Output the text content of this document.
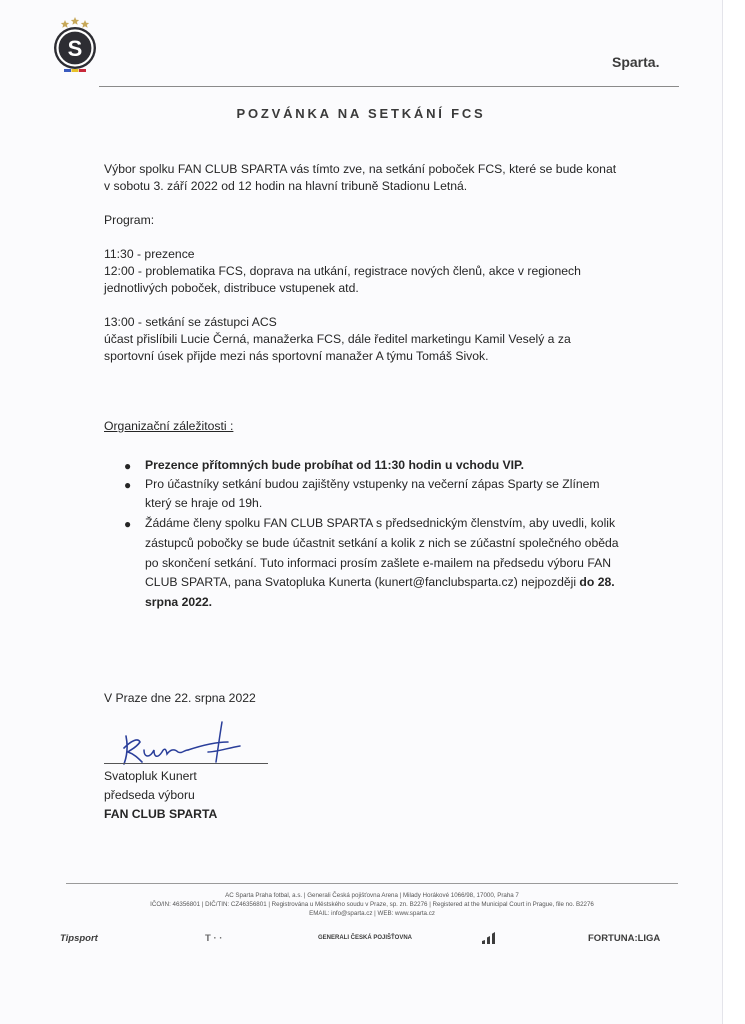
S
Sparta.
POZVÁNKA NA SETKÁNÍ FCS
Výbor spolku FAN CLUB SPARTA vás tímto zve, na setkání poboček FCS, které se bude konat
v sobotu 3. září 2022 od 12 hodin na hlavní tribuně Stadionu Letná.
Program:
11:30 - prezence
12:00 - problematika FCS, doprava na utkání, registrace nových členů, akce v regionech
jednotlivých poboček, distribuce vstupenek atd.
13:00 - setkání se zástupci ACS
účast přislíbili Lucie Černá, manažerka FCS, dále ředitel marketingu Kamil Veselý a za
sportovní úsek přijde mezi nás sportovní manažer A týmu Tomáš Sivok.
Organizační záležitosti :
● Prezence přítomných bude probíhat od 11:30 hodin u vchodu VIP.
● Pro účastníky setkání budou zajištěny vstupenky na večerní zápas Sparty se Zlínem
který se hraje od 19h.
● Žádáme členy spolku FAN CLUB SPARTA s předsednickým členstvím, aby uvedli, kolik
zástupců pobočky se bude účastnit setkání a kolik z nich se zúčastní společného oběda
po skončení setkání. Tuto informaci prosím zašlete e-mailem na předsedu výboru FAN
CLUB SPARTA, pana Svatopluka Kunerta (kunert@fanclubsparta.cz) nejpozději do 28.
srpna 2022.
V Praze dne 22. srpna 2022
Svatopluk Kunert
předseda výboru
FAN CLUB SPARTA
AC Sparta Praha fotbal, a.s. | Generali Česká pojišťovna Arena | Milady Horákové 1066/98, 17000, Praha 7
IČO/IN: 46356801 | DIČ/TIN: CZ46356801 | Registrována u Městského soudu v Praze, sp. zn. B2276 | Registered at the Municipal Court in Prague, file no. B2276
EMAIL: info@sparta.cz | WEB: www.sparta.cz
Tipsport	T · ·	GENERALI ČESKÁ POJIŠŤOVNA	FORTUNA:LIGA
